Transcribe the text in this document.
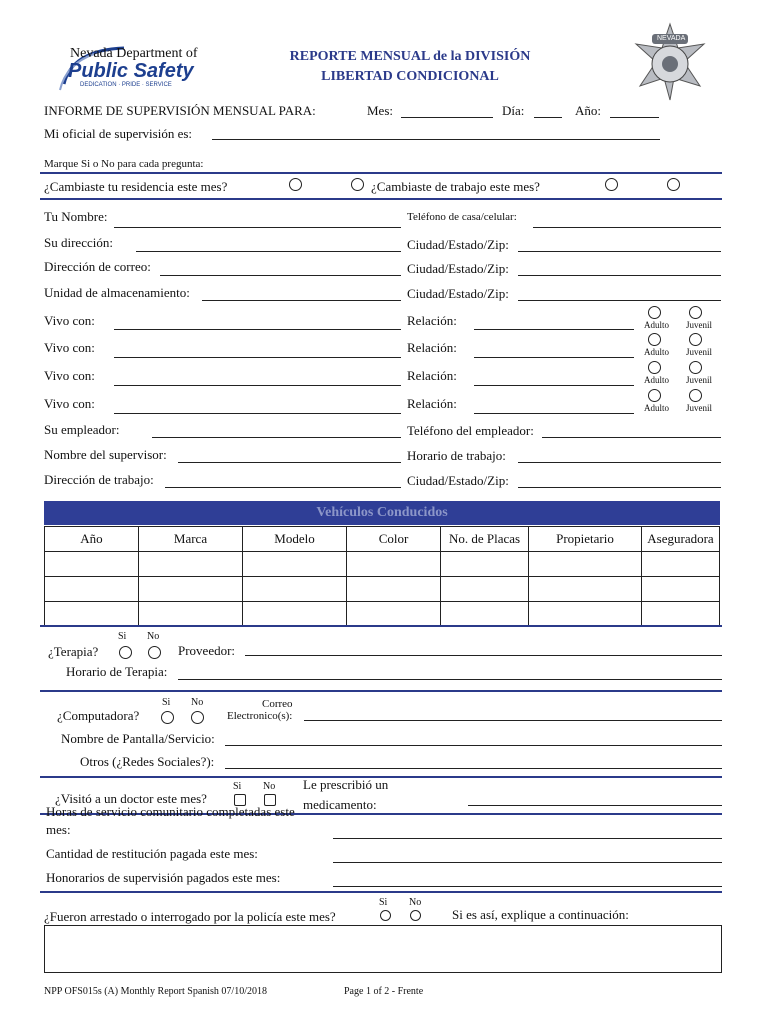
Nevada Department of
Public Safety
DEDICATION · PRIDE · SERVICE
REPORTE MENSUAL de la DIVISIÓN
LIBERTAD CONDICIONAL
NEVADA
INFORME DE SUPERVISIÓN MENSUAL PARA:	Mes:	Día:	Año:
Mi oficial de supervisión es:
Marque Si o No para cada pregunta:
¿Cambiaste tu residencia este mes?	¿Cambiaste de trabajo este mes?
Tu Nombre:	Teléfono de casa/celular:
Su dirección:	Ciudad/Estado/Zip:
Dirección de correo:	Ciudad/Estado/Zip:
Unidad de almacenamiento:	Ciudad/Estado/Zip:
Vivo con:	Relación:	Adulto Juvenil
Vivo con:	Relación:	Adulto Juvenil
Vivo con:	Relación:	Adulto Juvenil
Vivo con:	Relación:	Adulto Juvenil
Su empleador:	Teléfono del empleador:
Nombre del supervisor:	Horario de trabajo:
Dirección de trabajo:	Ciudad/Estado/Zip:
Vehículos Conducidos
Año	Marca	Modelo	Color	No. de Placas	Propietario	Aseguradora

Si No
¿Terapia?	Proveedor:
Horario de Terapia:
Si No	Correo
¿Computadora?	Electronico(s):
Nombre de Pantalla/Servicio:
Otros (¿Redes Sociales?):
Si No Le prescribió un
¿Visitó a un doctor este mes?	medicamento:
Horas de servicio comunitario completadas este
mes:
Cantidad de restitución pagada este mes:
Honorarios de supervisión pagados este mes:
Si No
¿Fueron arrestado o interrogado por la policía este mes?	Si es así, explique a continuación:
NPP OFS015s (A) Monthly Report Spanish 07/10/2018	Page 1 of 2 - Frente
